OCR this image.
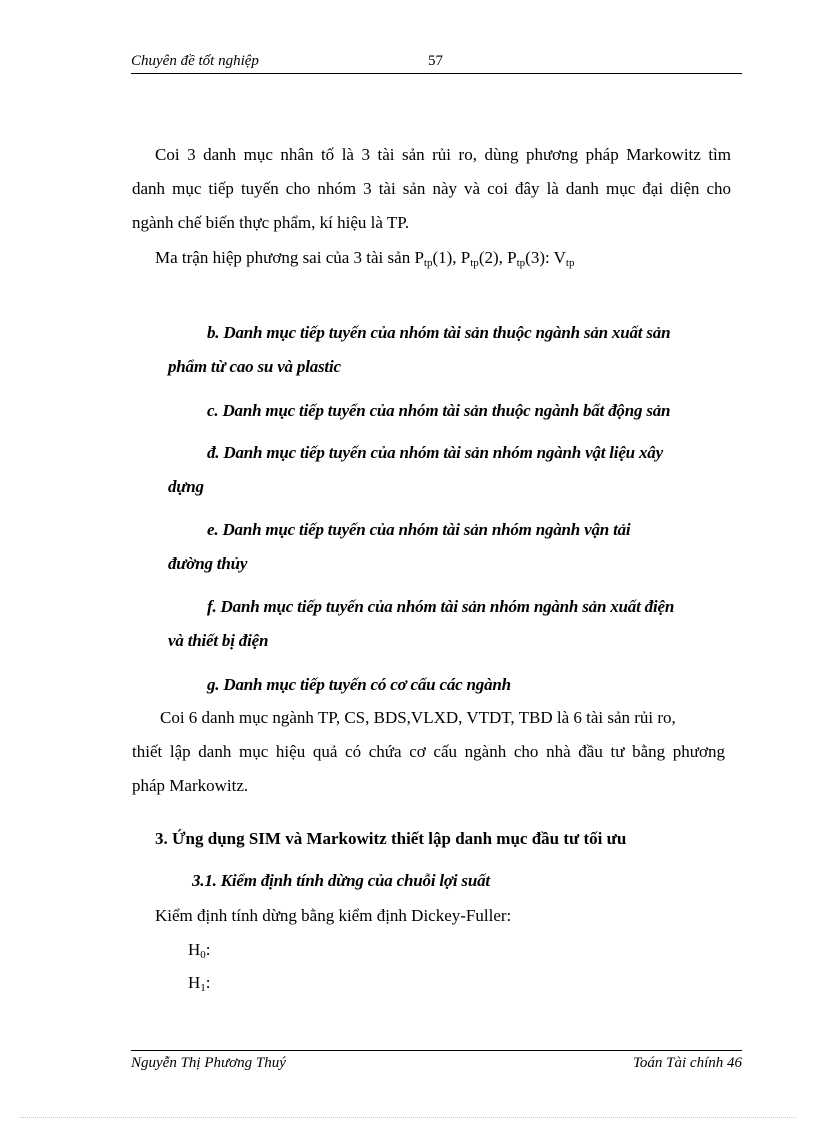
Chuyên đề tốt nghiệp	57
Coi 3 danh mục nhân tố là 3 tài sản rủi ro, dùng phương pháp Markowitz tìm
danh mục tiếp tuyến cho nhóm 3 tài sản này và coi đây là danh mục đại diện cho
ngành chế biến thực phẩm, kí hiệu là TP.
Ma trận hiệp phương sai của 3 tài sản $P_{tp}(1)$, $P_{tp}(2)$, $P_{tp}(3)$: $V_{tp}$
b. Danh mục tiếp tuyến của nhóm tài sản thuộc ngành sản xuất sản
phẩm từ cao su và plastic
c. Danh mục tiếp tuyến của nhóm tài sản thuộc ngành bất động sản
đ. Danh mục tiếp tuyến của nhóm tài sản nhóm ngành vật liệu xây
dựng
e. Danh mục tiếp tuyến của nhóm tài sản nhóm ngành vận tải
đường thủy
f. Danh mục tiếp tuyến của nhóm tài sản nhóm ngành sản xuất điện
và thiết bị điện
g. Danh mục tiếp tuyến có cơ cấu các ngành
Coi 6 danh mục ngành TP, CS, BDS,VLXD, VTDT, TBD là 6 tài sản rủi ro,
thiết lập danh mục hiệu quả có chứa cơ cấu ngành cho nhà đầu tư bằng phương
pháp Markowitz.
3. Ứng dụng SIM và Markowitz thiết lập danh mục đầu tư tối ưu
3.1. Kiểm định tính dừng của chuỗi lợi suất
Kiểm định tính dừng bằng kiểm định Dickey-Fuller:
$H_0$:
$H_1$:
Nguyễn Thị Phương Thuý	Toán Tài chính 46
